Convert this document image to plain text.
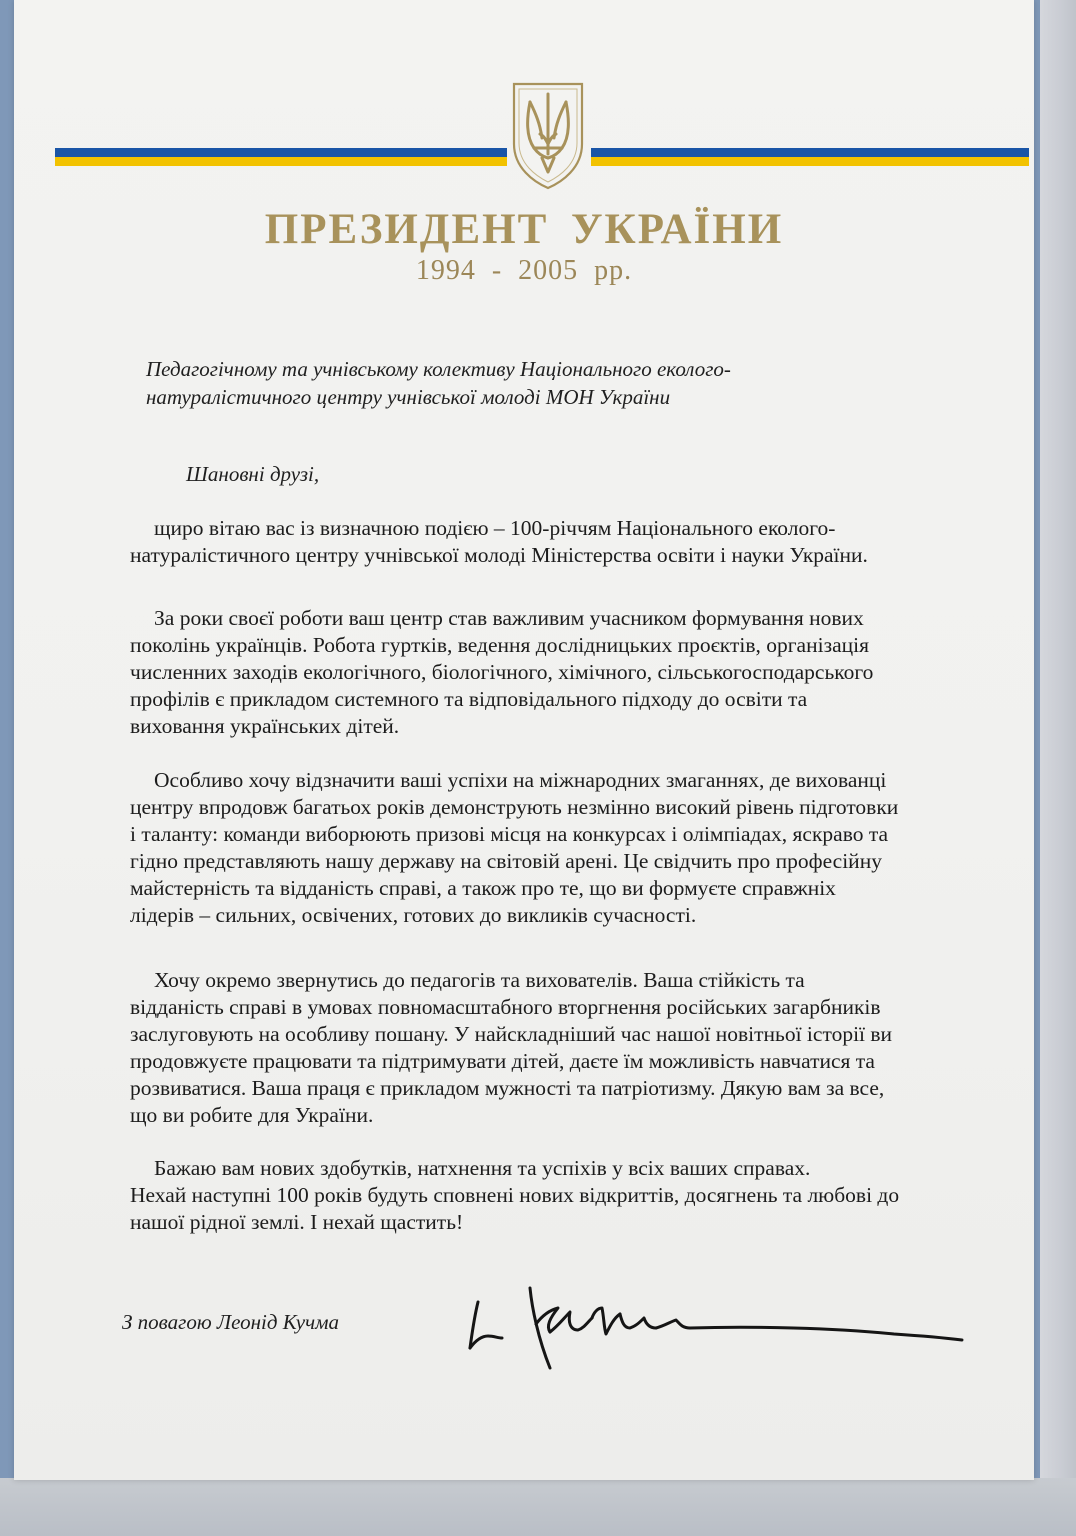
ПРЕЗИДЕНТ УКРАЇНИ
1994 - 2005 рр.
Педагогічному та учнівському колективу Національного еколого-
натуралістичного центру учнівської молоді МОН України
Шановні друзі,
щиро вітаю вас із визначною подією – 100-річчям Національного еколого-
натуралістичного центру учнівської молоді Міністерства освіти і науки України.
За роки своєї роботи ваш центр став важливим учасником формування нових
поколінь українців. Робота гуртків, ведення дослідницьких проєктів, організація
численних заходів екологічного, біологічного, хімічного, сільськогосподарського
профілів є прикладом системного та відповідального підходу до освіти та
виховання українських дітей.
Особливо хочу відзначити ваші успіхи на міжнародних змаганнях, де вихованці
центру впродовж багатьох років демонструють незмінно високий рівень підготовки
і таланту: команди виборюють призові місця на конкурсах і олімпіадах, яскраво та
гідно представляють нашу державу на світовій арені. Це свідчить про професійну
майстерність та відданість справі, а також про те, що ви формуєте справжніх
лідерів – сильних, освічених, готових до викликів сучасності.
Хочу окремо звернутись до педагогів та вихователів. Ваша стійкість та
відданість справі в умовах повномасштабного вторгнення російських загарбників
заслуговують на особливу пошану. У найскладніший час нашої новітньої історії ви
продовжуєте працювати та підтримувати дітей, даєте їм можливість навчатися та
розвиватися. Ваша праця є прикладом мужності та патріотизму. Дякую вам за все,
що ви робите для України.
Бажаю вам нових здобутків, натхнення та успіхів у всіх ваших справах.
Нехай наступні 100 років будуть сповнені нових відкриттів, досягнень та любові до
нашої рідної землі. І нехай щастить!
З повагою Леонід Кучма
